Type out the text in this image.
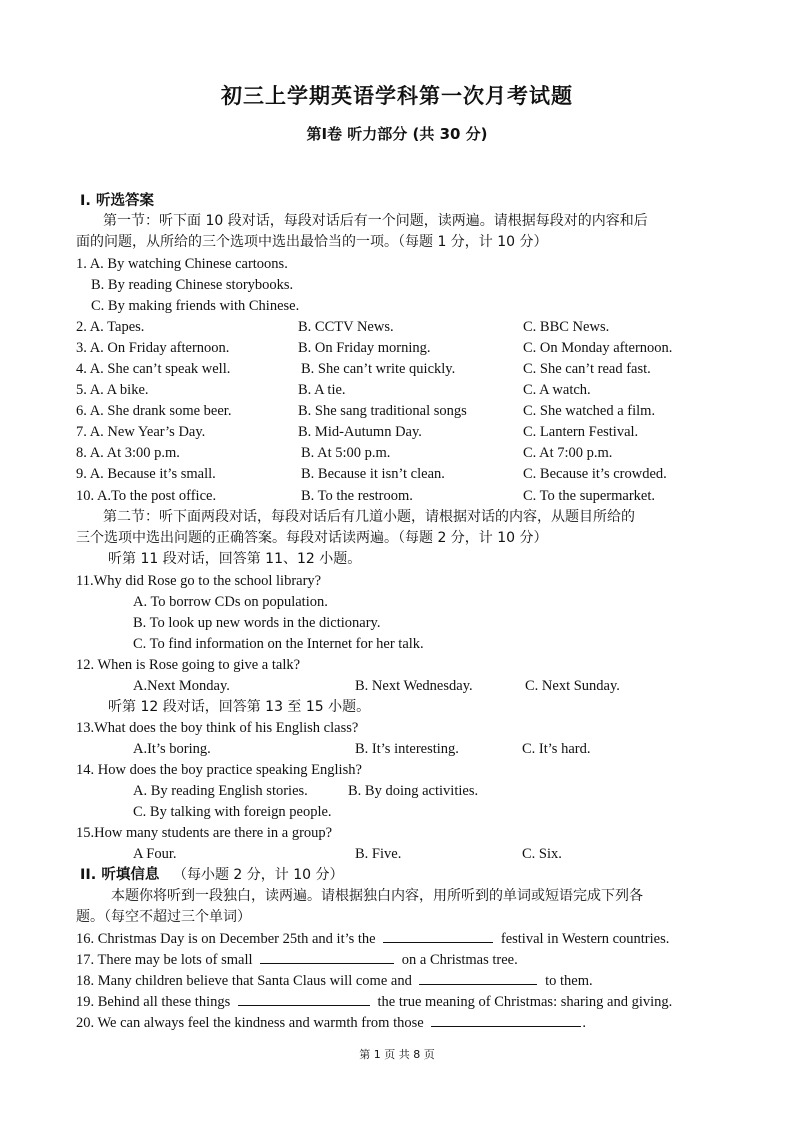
初三上学期英语学科第一次月考试题
第Ⅰ卷 听力部分 (共 30 分)
I. 听选答案
第一节：听下面 10 段对话，每段对话后有一个问题，读两遍。请根据每段对的内容和后
面的问题，从所给的三个选项中选出最恰当的一项。（每题 1 分，计 10 分）
1. A. By watching Chinese cartoons.
B. By reading Chinese storybooks.
C. By making friends with Chinese.
2. A. Tapes.	B. CCTV News.	C. BBC News.
3. A. On Friday afternoon.	B. On Friday morning.	C. On Monday afternoon.
4. A. She can’t speak well.	B. She can’t write quickly.	C. She can’t read fast.
5. A. A bike.	B. A tie.	C. A watch.
6. A. She drank some beer.	B. She sang traditional songs	C. She watched a film.
7. A. New Year’s Day.	B. Mid-Autumn Day.	C. Lantern Festival.
8. A. At 3:00 p.m.	B. At 5:00 p.m.	C. At 7:00 p.m.
9. A. Because it’s small.	B. Because it isn’t clean.	C. Because it’s crowded.
10. A.To the post office.	B. To the restroom.	C. To the supermarket.
第二节：听下面两段对话，每段对话后有几道小题，请根据对话的内容，从题目所给的
三个选项中选出问题的正确答案。每段对话读两遍。（每题 2 分，计 10 分）
听第 11 段对话，回答第 11、12 小题。
11.Why did Rose go to the school library?
A. To borrow CDs on population.
B. To look up new words in the dictionary.
C. To find information on the Internet for her talk.
12. When is Rose going to give a talk?
A.Next Monday.	B. Next Wednesday.	C. Next Sunday.
听第 12 段对话，回答第 13 至 15 小题。
13.What does the boy think of his English class?
A.It’s boring.	B. It’s interesting.	C. It’s hard.
14. How does the boy practice speaking English?
A. By reading English stories.	B. By doing activities.
C. By talking with foreign people.
15.How many students are there in a group?
A Four.	B. Five.	C. Six.
II. 听填信息 （每小题 2 分，计 10 分）
本题你将听到一段独白，读两遍。请根据独白内容，用所听到的单词或短语完成下列各
题。（每空不超过三个单词）
16. Christmas Day is on December 25th and it’s the	festival in Western countries.
17. There may be lots of small	on a Christmas tree.
18. Many children believe that Santa Claus will come and	to them.
19. Behind all these things	the true meaning of Christmas: sharing and giving.
20. We can always feel the kindness and warmth from those	.
第 1 页 共 8 页
